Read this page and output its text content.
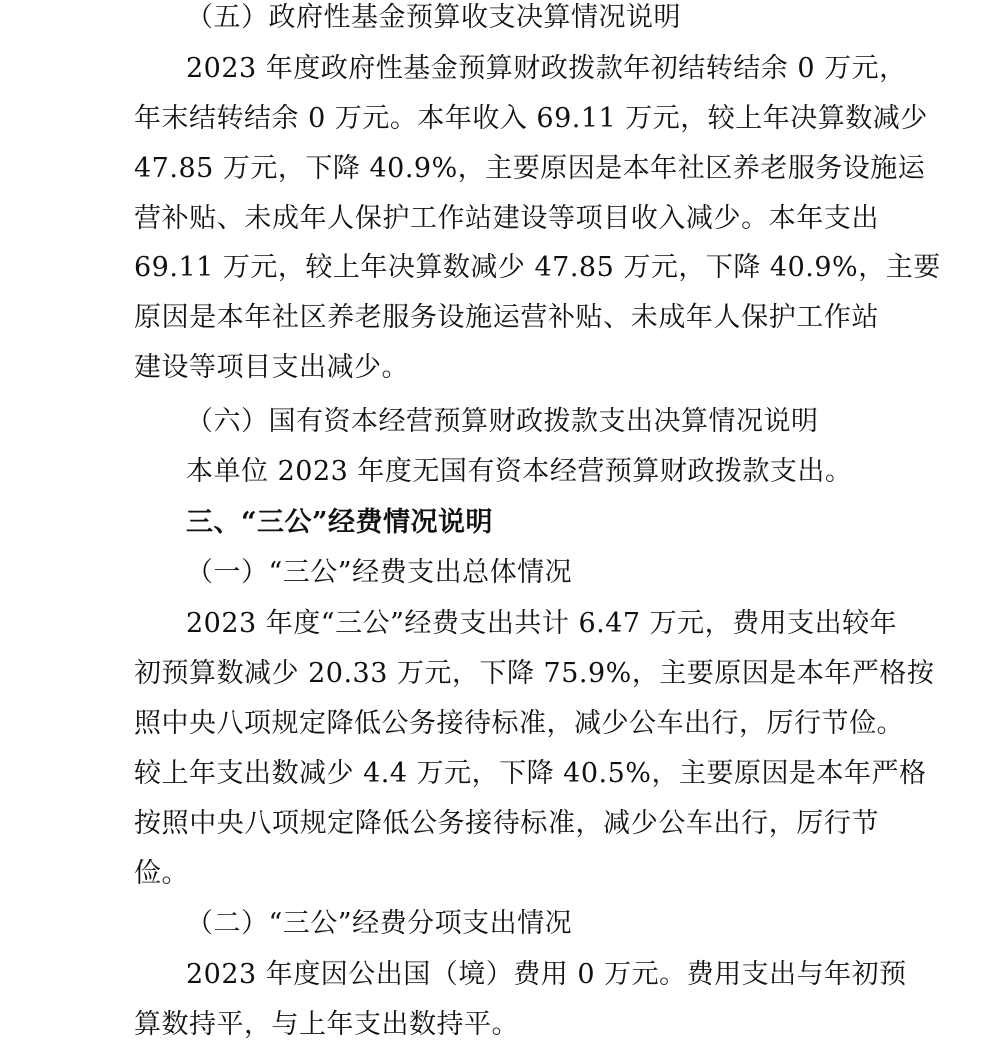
（五）政府性基金预算收支决算情况说明
2023 年度政府性基金预算财政拨款年初结转结余 0 万元，
年末结转结余 0 万元。本年收入 69.11 万元，较上年决算数减少
47.85 万元，下降 40.9%，主要原因是本年社区养老服务设施运
营补贴、未成年人保护工作站建设等项目收入减少。本年支出
69.11 万元，较上年决算数减少 47.85 万元，下降 40.9%，主要
原因是本年社区养老服务设施运营补贴、未成年人保护工作站
建设等项目支出减少。
（六）国有资本经营预算财政拨款支出决算情况说明
本单位 2023 年度无国有资本经营预算财政拨款支出。
三、“三公”经费情况说明
（一）“三公”经费支出总体情况
2023 年度“三公”经费支出共计 6.47 万元，费用支出较年
初预算数减少 20.33 万元，下降 75.9%，主要原因是本年严格按
照中央八项规定降低公务接待标准，减少公车出行，厉行节俭。
较上年支出数减少 4.4 万元，下降 40.5%，主要原因是本年严格
按照中央八项规定降低公务接待标准，减少公车出行，厉行节
俭。
（二）“三公”经费分项支出情况
2023 年度因公出国（境）费用 0 万元。费用支出与年初预
算数持平，与上年支出数持平。
